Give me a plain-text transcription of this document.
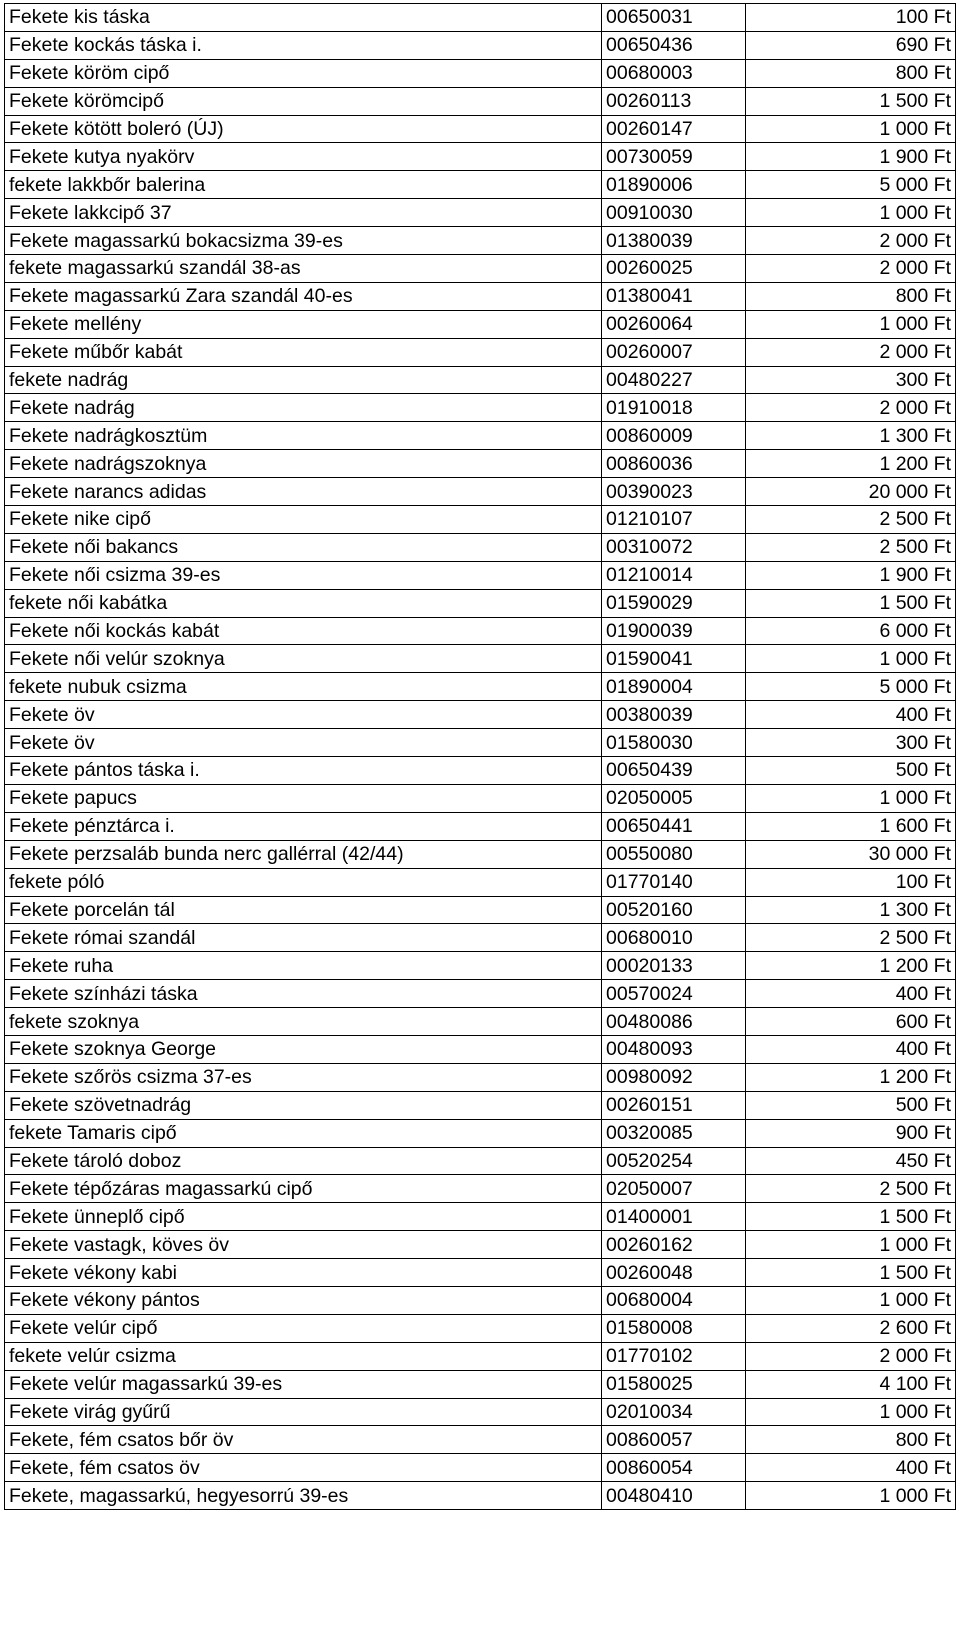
Fekete kis táska	00650031	100 Ft
Fekete kockás táska i.	00650436	690 Ft
Fekete köröm cipő	00680003	800 Ft
Fekete körömcipő	00260113	1 500 Ft
Fekete kötött boleró (ÚJ)	00260147	1 000 Ft
Fekete kutya nyakörv	00730059	1 900 Ft
fekete lakkbőr balerina	01890006	5 000 Ft
Fekete lakkcipő 37	00910030	1 000 Ft
Fekete magassarkú bokacsizma 39-es	01380039	2 000 Ft
fekete magassarkú szandál 38-as	00260025	2 000 Ft
Fekete magassarkú Zara szandál 40-es	01380041	800 Ft
Fekete mellény	00260064	1 000 Ft
Fekete műbőr kabát	00260007	2 000 Ft
fekete nadrág	00480227	300 Ft
Fekete nadrág	01910018	2 000 Ft
Fekete nadrágkosztüm	00860009	1 300 Ft
Fekete nadrágszoknya	00860036	1 200 Ft
Fekete narancs adidas	00390023	20 000 Ft
Fekete nike cipő	01210107	2 500 Ft
Fekete női bakancs	00310072	2 500 Ft
Fekete női csizma 39-es	01210014	1 900 Ft
fekete női kabátka	01590029	1 500 Ft
Fekete női kockás kabát	01900039	6 000 Ft
Fekete női velúr szoknya	01590041	1 000 Ft
fekete nubuk csizma	01890004	5 000 Ft
Fekete öv	00380039	400 Ft
Fekete öv	01580030	300 Ft
Fekete pántos táska i.	00650439	500 Ft
Fekete papucs	02050005	1 000 Ft
Fekete pénztárca i.	00650441	1 600 Ft
Fekete perzsaláb bunda nerc gallérral (42/44)	00550080	30 000 Ft
fekete póló	01770140	100 Ft
Fekete porcelán tál	00520160	1 300 Ft
Fekete római szandál	00680010	2 500 Ft
Fekete ruha	00020133	1 200 Ft
Fekete színházi táska	00570024	400 Ft
fekete szoknya	00480086	600 Ft
Fekete szoknya George	00480093	400 Ft
Fekete szőrös csizma 37-es	00980092	1 200 Ft
Fekete szövetnadrág	00260151	500 Ft
fekete Tamaris cipő	00320085	900 Ft
Fekete tároló doboz	00520254	450 Ft
Fekete tépőzáras magassarkú cipő	02050007	2 500 Ft
Fekete ünneplő cipő	01400001	1 500 Ft
Fekete vastagk, köves öv	00260162	1 000 Ft
Fekete vékony kabi	00260048	1 500 Ft
Fekete vékony pántos	00680004	1 000 Ft
Fekete velúr cipő	01580008	2 600 Ft
fekete velúr csizma	01770102	2 000 Ft
Fekete velúr magassarkú 39-es	01580025	4 100 Ft
Fekete virág gyűrű	02010034	1 000 Ft
Fekete, fém csatos bőr öv	00860057	800 Ft
Fekete, fém csatos öv	00860054	400 Ft
Fekete, magassarkú, hegyesorrú 39-es	00480410	1 000 Ft
